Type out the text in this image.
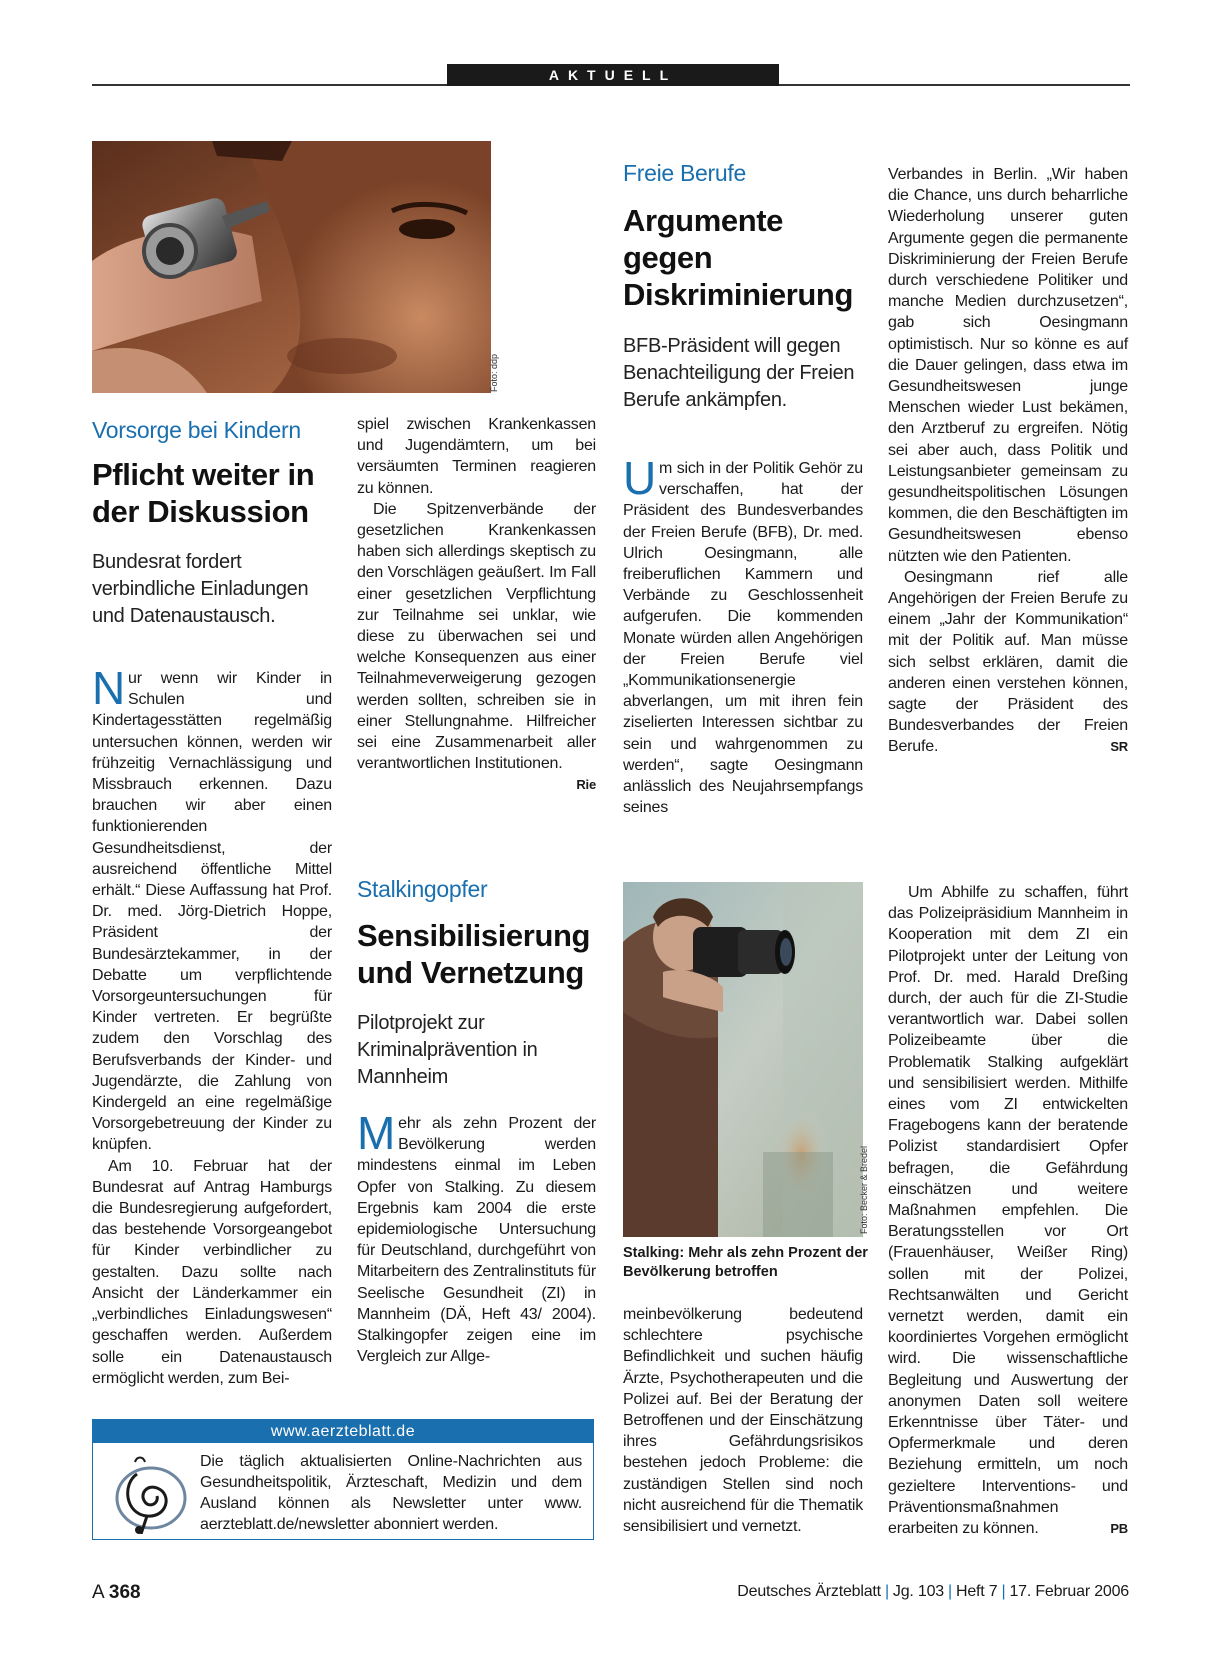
AKTUELL
Foto: ddp
Vorsorge bei Kindern
Pflicht weiter in der Diskussion
Bundesrat fordert verbindliche Einladungen und Datenaustausch.

Nur wenn wir Kinder in Schulen und Kindertagesstätten regelmäßig untersuchen können, werden wir frühzeitig Vernachlässigung und Missbrauch erkennen. Dazu brauchen wir aber einen funktionierenden Gesundheitsdienst, der ausreichend öffentliche Mittel erhält.“ Diese Auffassung hat Prof. Dr. med. Jörg-Dietrich Hoppe, Präsident der Bundesärztekammer, in der Debatte um verpflichtende Vorsorgeuntersuchungen für Kinder vertreten. Er begrüßte zudem den Vorschlag des Berufsverbands der Kinder- und Jugendärzte, die Zahlung von Kindergeld an eine regelmäßige Vorsorgebetreuung der Kinder zu knüpfen.

Am 10. Februar hat der Bundesrat auf Antrag Hamburgs die Bundesregierung aufgefordert, das bestehende Vorsorgeangebot für Kinder verbindlicher zu gestalten. Dazu sollte nach Ansicht der Länderkammer ein „verbindliches Einladungswesen“ geschaffen werden. Außerdem solle ein Datenaustausch ermöglicht werden, zum Bei-

spiel zwischen Krankenkassen und Jugendämtern, um bei versäumten Terminen reagieren zu können.

Die Spitzenverbände der gesetzlichen Krankenkassen haben sich allerdings skeptisch zu den Vorschlägen geäußert. Im Fall einer gesetzlichen Verpflichtung zur Teilnahme sei unklar, wie diese zu überwachen sei und welche Konsequenzen aus einer Teilnahmeverweigerung gezogen werden sollten, schreiben sie in einer Stellungnahme. Hilfreicher sei eine Zusammenarbeit aller verantwortlichen Institutionen.
Rie

Freie Berufe
Argumente gegen Diskriminierung
BFB-Präsident will gegen Benachteiligung der Freien Berufe ankämpfen.

Um sich in der Politik Gehör zu verschaffen, hat der Präsident des Bundesverbandes der Freien Berufe (BFB), Dr. med. Ulrich Oesingmann, alle freiberuflichen Kammern und Verbände zu Geschlossenheit aufgerufen. Die kommenden Monate würden allen Angehörigen der Freien Berufe viel „Kommunikationsenergie abverlangen, um mit ihren fein ziselierten Interessen sichtbar zu sein und wahrgenommen zu werden“, sagte Oesingmann anlässlich des Neujahrsempfangs seines

Verbandes in Berlin. „Wir haben die Chance, uns durch beharrliche Wiederholung unserer guten Argumente gegen die permanente Diskriminierung der Freien Berufe durch verschiedene Politiker und manche Medien durchzusetzen“, gab sich Oesingmann optimistisch. Nur so könne es auf die Dauer gelingen, dass etwa im Gesundheitswesen junge Menschen wieder Lust bekämen, den Arztberuf zu ergreifen. Nötig sei aber auch, dass Politik und Leistungsanbieter gemeinsam zu gesundheitspolitischen Lösungen kommen, die den Beschäftigten im Gesundheitswesen ebenso nützten wie den Patienten.

Oesingmann rief alle Angehörigen der Freien Berufe zu einem „Jahr der Kommunikation“ mit der Politik auf. Man müsse sich selbst erklären, damit die anderen einen verstehen können, sagte der Präsident des Bundesverbandes der Freien Berufe.	SR

Stalkingopfer
Sensibilisierung und Vernetzung
Pilotprojekt zur Kriminalprävention in Mannheim

Mehr als zehn Prozent der Bevölkerung werden mindestens einmal im Leben Opfer von Stalking. Zu diesem Ergebnis kam 2004 die erste epidemiologische Untersuchung für Deutschland, durchgeführt von Mitarbeitern des Zentralinstituts für Seelische Gesundheit (ZI) in Mannheim (DÄ, Heft 43/ 2004). Stalkingopfer zeigen eine im Vergleich zur Allge-

Foto: Becker & Bredel
Stalking: Mehr als zehn Prozent der Bevölkerung betroffen

meinbevölkerung bedeutend schlechtere psychische Befindlichkeit und suchen häufig Ärzte, Psychotherapeuten und die Polizei auf. Bei der Beratung der Betroffenen und der Einschätzung ihres Gefährdungsrisikos bestehen jedoch Probleme: die zuständigen Stellen sind noch nicht ausreichend für die Thematik sensibilisiert und vernetzt.

Um Abhilfe zu schaffen, führt das Polizeipräsidium Mannheim in Kooperation mit dem ZI ein Pilotprojekt unter der Leitung von Prof. Dr. med. Harald Dreßing durch, der auch für die ZI-Studie verantwortlich war. Dabei sollen Polizeibeamte über die Problematik Stalking aufgeklärt und sensibilisiert werden. Mithilfe eines vom ZI entwickelten Fragebogens kann der beratende Polizist standardisiert Opfer befragen, die Gefährdung einschätzen und weitere Maßnahmen empfehlen. Die Beratungsstellen vor Ort (Frauenhäuser, Weißer Ring) sollen mit der Polizei, Rechtsanwälten und Gericht vernetzt werden, damit ein koordiniertes Vorgehen ermöglicht wird. Die wissenschaftliche Begleitung und Auswertung der anonymen Daten soll weitere Erkenntnisse über Täter- und Opfermerkmale und deren Beziehung ermitteln, um noch gezieltere Interventions- und Präventionsmaßnahmen erarbeiten zu können.	PB

www.aerzteblatt.de
Die täglich aktualisierten Online-Nachrichten aus Gesundheitspolitik, Ärzteschaft, Medizin und dem Ausland können als Newsletter unter www. aerzteblatt.de/newsletter abonniert werden.
A 368	Deutsches Ärzteblatt | Jg. 103 | Heft 7 | 17. Februar 2006
